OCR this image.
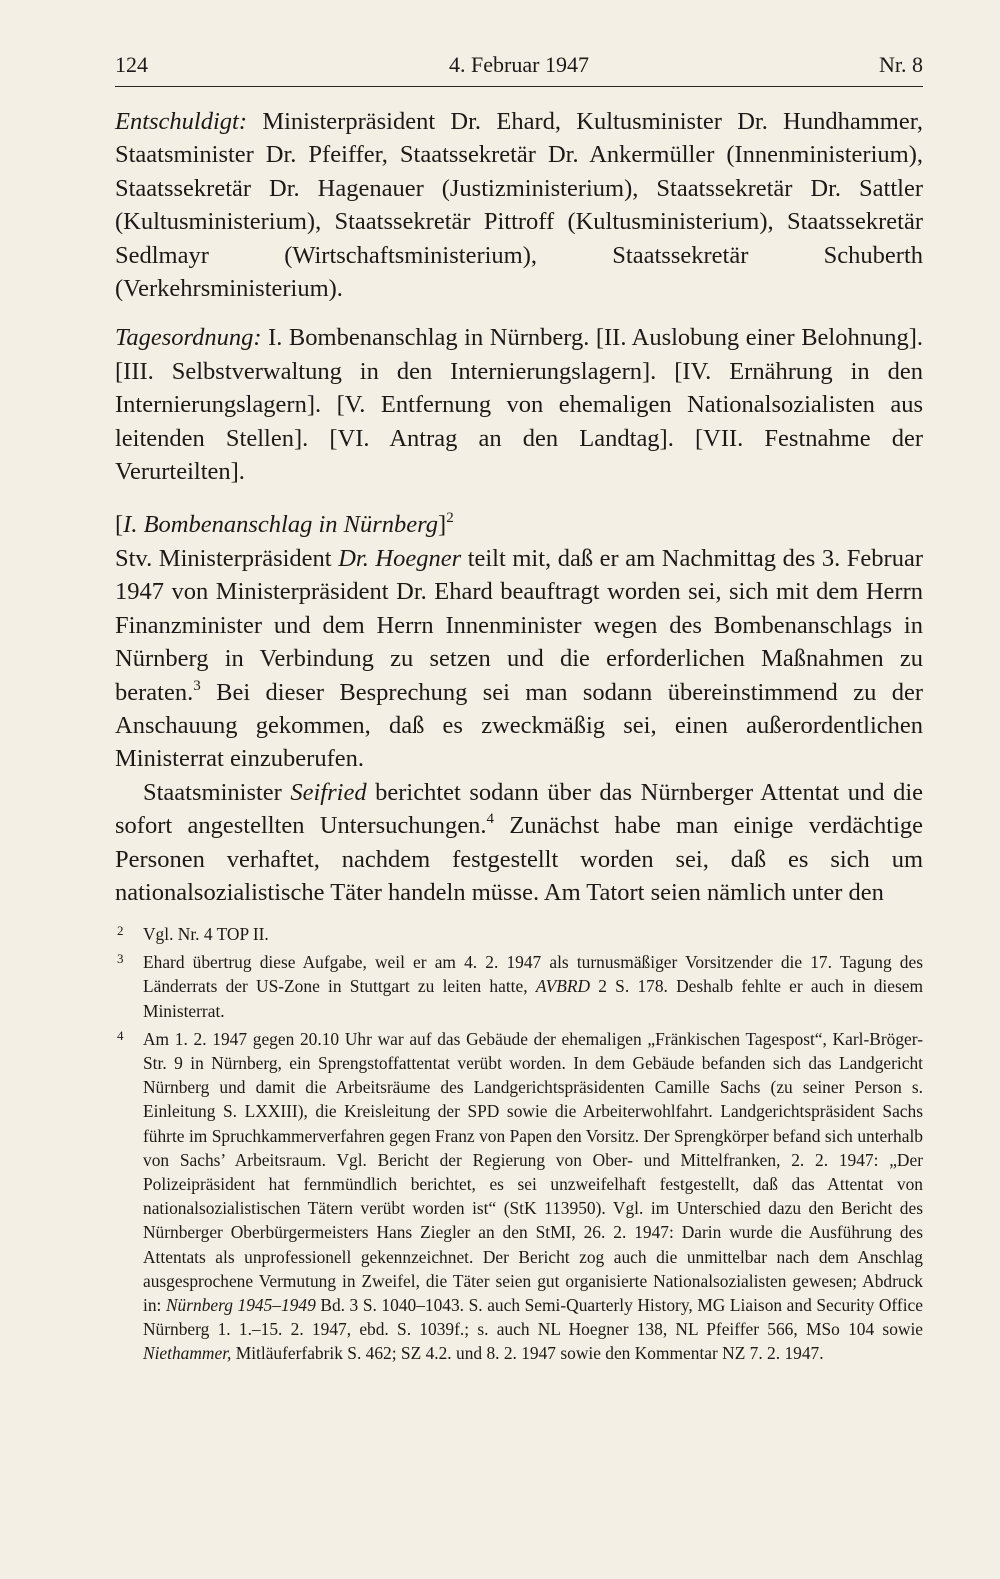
124	4. Februar 1947	Nr. 8

Entschuldigt: Ministerpräsident Dr. Ehard, Kultusminister Dr. Hundhammer, Staatsminister Dr. Pfeiffer, Staatssekretär Dr. Ankermüller (Innenministerium), Staatssekretär Dr. Hagenauer (Justizministerium), Staatssekretär Dr. Sattler (Kultusministerium), Staatssekretär Pittroff (Kultusministerium), Staatssekretär Sedlmayr (Wirtschaftsministerium), Staatssekretär Schuberth (Verkehrsministerium).

Tagesordnung: I. Bombenanschlag in Nürnberg. [II. Auslobung einer Belohnung]. [III. Selbstverwaltung in den Internierungslagern]. [IV. Ernährung in den Internierungslagern]. [V. Entfernung von ehemaligen Nationalsozialisten aus leitenden Stellen]. [VI. Antrag an den Landtag]. [VII. Festnahme der Verurteilten].

[I. Bombenanschlag in Nürnberg]$^2$

Stv. Ministerpräsident Dr. Hoegner teilt mit, daß er am Nachmittag des 3. Februar 1947 von Ministerpräsident Dr. Ehard beauftragt worden sei, sich mit dem Herrn Finanzminister und dem Herrn Innenminister wegen des Bombenanschlags in Nürnberg in Verbindung zu setzen und die erforderlichen Maßnahmen zu beraten.$^3$ Bei dieser Besprechung sei man sodann übereinstimmend zu der Anschauung gekommen, daß es zweckmäßig sei, einen außerordentlichen Ministerrat einzuberufen.

Staatsminister Seifried berichtet sodann über das Nürnberger Attentat und die sofort angestellten Untersuchungen.$^4$ Zunächst habe man einige verdächtige Personen verhaftet, nachdem festgestellt worden sei, daß es sich um nationalsozialistische Täter handeln müsse. Am Tatort seien nämlich unter den

2 Vgl. Nr. 4 TOP II.

3 Ehard übertrug diese Aufgabe, weil er am 4. 2. 1947 als turnusmäßiger Vorsitzender die 17. Tagung des Länderrats der US-Zone in Stuttgart zu leiten hatte, AVBRD 2 S. 178. Deshalb fehlte er auch in diesem Ministerrat.

4 Am 1. 2. 1947 gegen 20.10 Uhr war auf das Gebäude der ehemaligen „Fränkischen Tagespost“, Karl-Bröger-Str. 9 in Nürnberg, ein Sprengstoffattentat verübt worden. In dem Gebäude befanden sich das Landgericht Nürnberg und damit die Arbeitsräume des Landgerichtspräsidenten Camille Sachs (zu seiner Person s. Einleitung S. LXXIII), die Kreisleitung der SPD sowie die Arbeiterwohlfahrt. Landgerichtspräsident Sachs führte im Spruchkammerverfahren gegen Franz von Papen den Vorsitz. Der Sprengkörper befand sich unterhalb von Sachs’ Arbeitsraum. Vgl. Bericht der Regierung von Ober- und Mittelfranken, 2. 2. 1947: „Der Polizeipräsident hat fernmündlich berichtet, es sei unzweifelhaft festgestellt, daß das Attentat von nationalsozialistischen Tätern verübt worden ist“ (StK 113950). Vgl. im Unterschied dazu den Bericht des Nürnberger Oberbürgermeisters Hans Ziegler an den StMI, 26. 2. 1947: Darin wurde die Ausführung des Attentats als unprofessionell gekennzeichnet. Der Bericht zog auch die unmittelbar nach dem Anschlag ausgesprochene Vermutung in Zweifel, die Täter seien gut organisierte Nationalsozialisten gewesen; Abdruck in: Nürnberg 1945–1949 Bd. 3 S. 1040–1043. S. auch Semi-Quarterly History, MG Liaison and Security Office Nürnberg 1. 1.–15. 2. 1947, ebd. S. 1039f.; s. auch NL Hoegner 138, NL Pfeiffer 566, MSo 104 sowie Niethammer, Mitläuferfabrik S. 462; SZ 4.2. und 8. 2. 1947 sowie den Kommentar NZ 7. 2. 1947.
